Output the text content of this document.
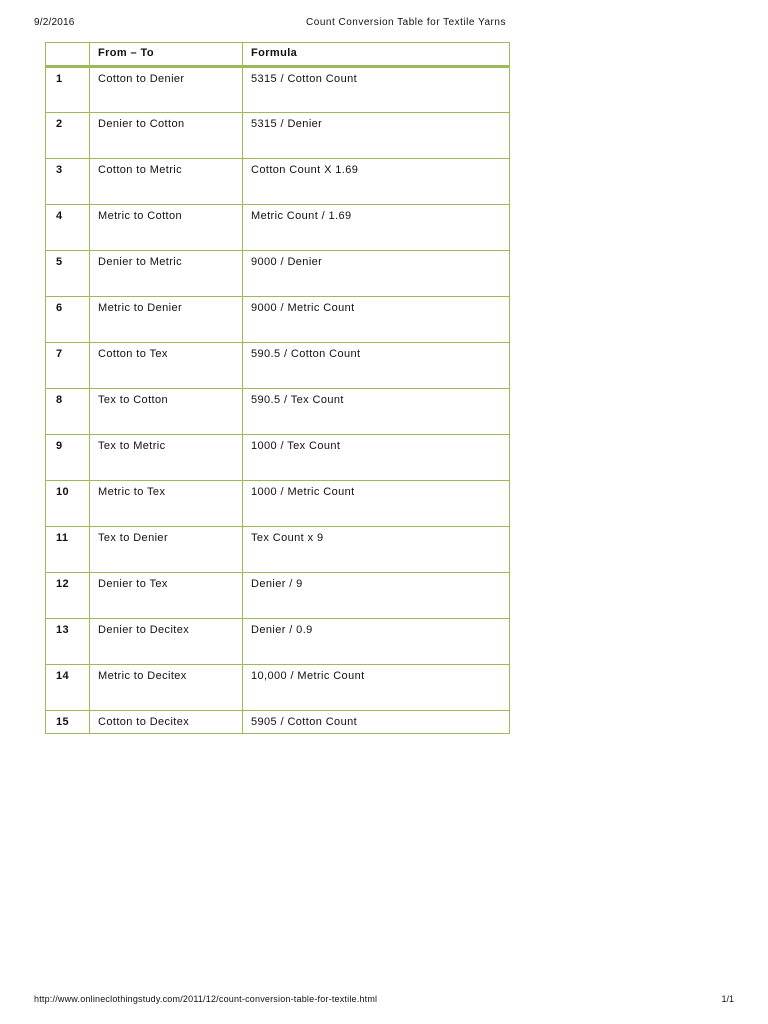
9/2/2016	Count Conversion Table for Textile Yarns

	From – To	Formula

1	Cotton to Denier	5315 / Cotton Count

2	Denier to Cotton	5315 / Denier

3	Cotton to Metric	Cotton Count X 1.69

4	Metric to Cotton	Metric Count / 1.69

5	Denier to Metric	9000 / Denier

6	Metric to Denier	9000 / Metric Count

7	Cotton to Tex	590.5 / Cotton Count

8	Tex to Cotton	590.5 / Tex Count

9	Tex to Metric	1000 / Tex Count

10	Metric to Tex	1000 / Metric Count

11	Tex to Denier	Tex Count x 9

12	Denier to Tex	Denier / 9

13	Denier to Decitex	Denier / 0.9

14	Metric to Decitex	10,000 / Metric Count

15	Cotton to Decitex	5905 / Cotton Count
http://www.onlineclothingstudy.com/2011/12/count-conversion-table-for-textile.html	1/1
